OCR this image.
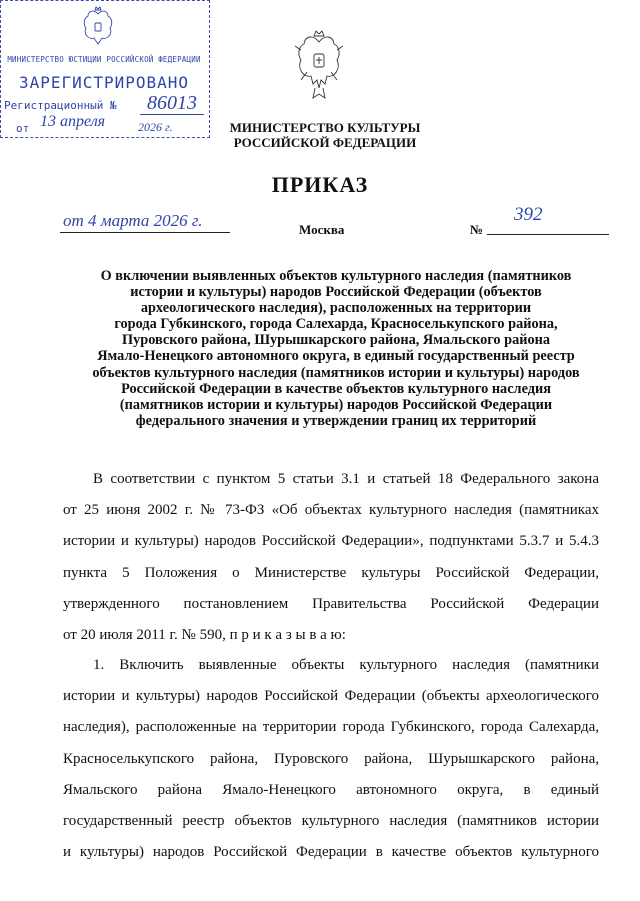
МИНИСТЕРСТВО КУЛЬТУРЫ
РОССИЙСКОЙ ФЕДЕРАЦИИ
МИНИСТЕРСТВО ЮСТИЦИИ РОССИЙСКОЙ ФЕДЕРАЦИИ
ЗАРЕГИСТРИРОВАНО
Регистрационный № 86013
от 13 апреля	2026 г.
ПРИКАЗ
от 4 марта 2026 г.	Москва	№
392
О включении выявленных объектов культурного наследия (памятников
истории и культуры) народов Российской Федерации (объектов
археологического наследия), расположенных на территории
города Губкинского, города Салехарда, Красноселькупского района,
Пуровского района, Шурышкарского района, Ямальского района
Ямало-Ненецкого автономного округа, в единый государственный реестр
объектов культурного наследия (памятников истории и культуры) народов
Российской Федерации в качестве объектов культурного наследия
(памятников истории и культуры) народов Российской Федерации
федерального значения и утверждении границ их территорий
В соответствии с пунктом 5 статьи 3.1 и статьей 18 Федерального закона
от 25 июня 2002 г. № 73-ФЗ «Об объектах культурного наследия (памятниках
истории и культуры) народов Российской Федерации», подпунктами 5.3.7 и 5.4.3
пункта 5 Положения о Министерстве культуры Российской Федерации,
утвержденного постановлением Правительства Российской Федерации
от 20 июля 2011 г. № 590, п р и к а з ы в а ю:
1. Включить выявленные объекты культурного наследия (памятники
истории и культуры) народов Российской Федерации (объекты археологического
наследия), расположенные на территории города Губкинского, города Салехарда,
Красноселькупского района, Пуровского района, Шурышкарского района,
Ямальского района Ямало-Ненецкого автономного округа, в единый
государственный реестр объектов культурного наследия (памятников истории
и культуры) народов Российской Федерации в качестве объектов культурного
